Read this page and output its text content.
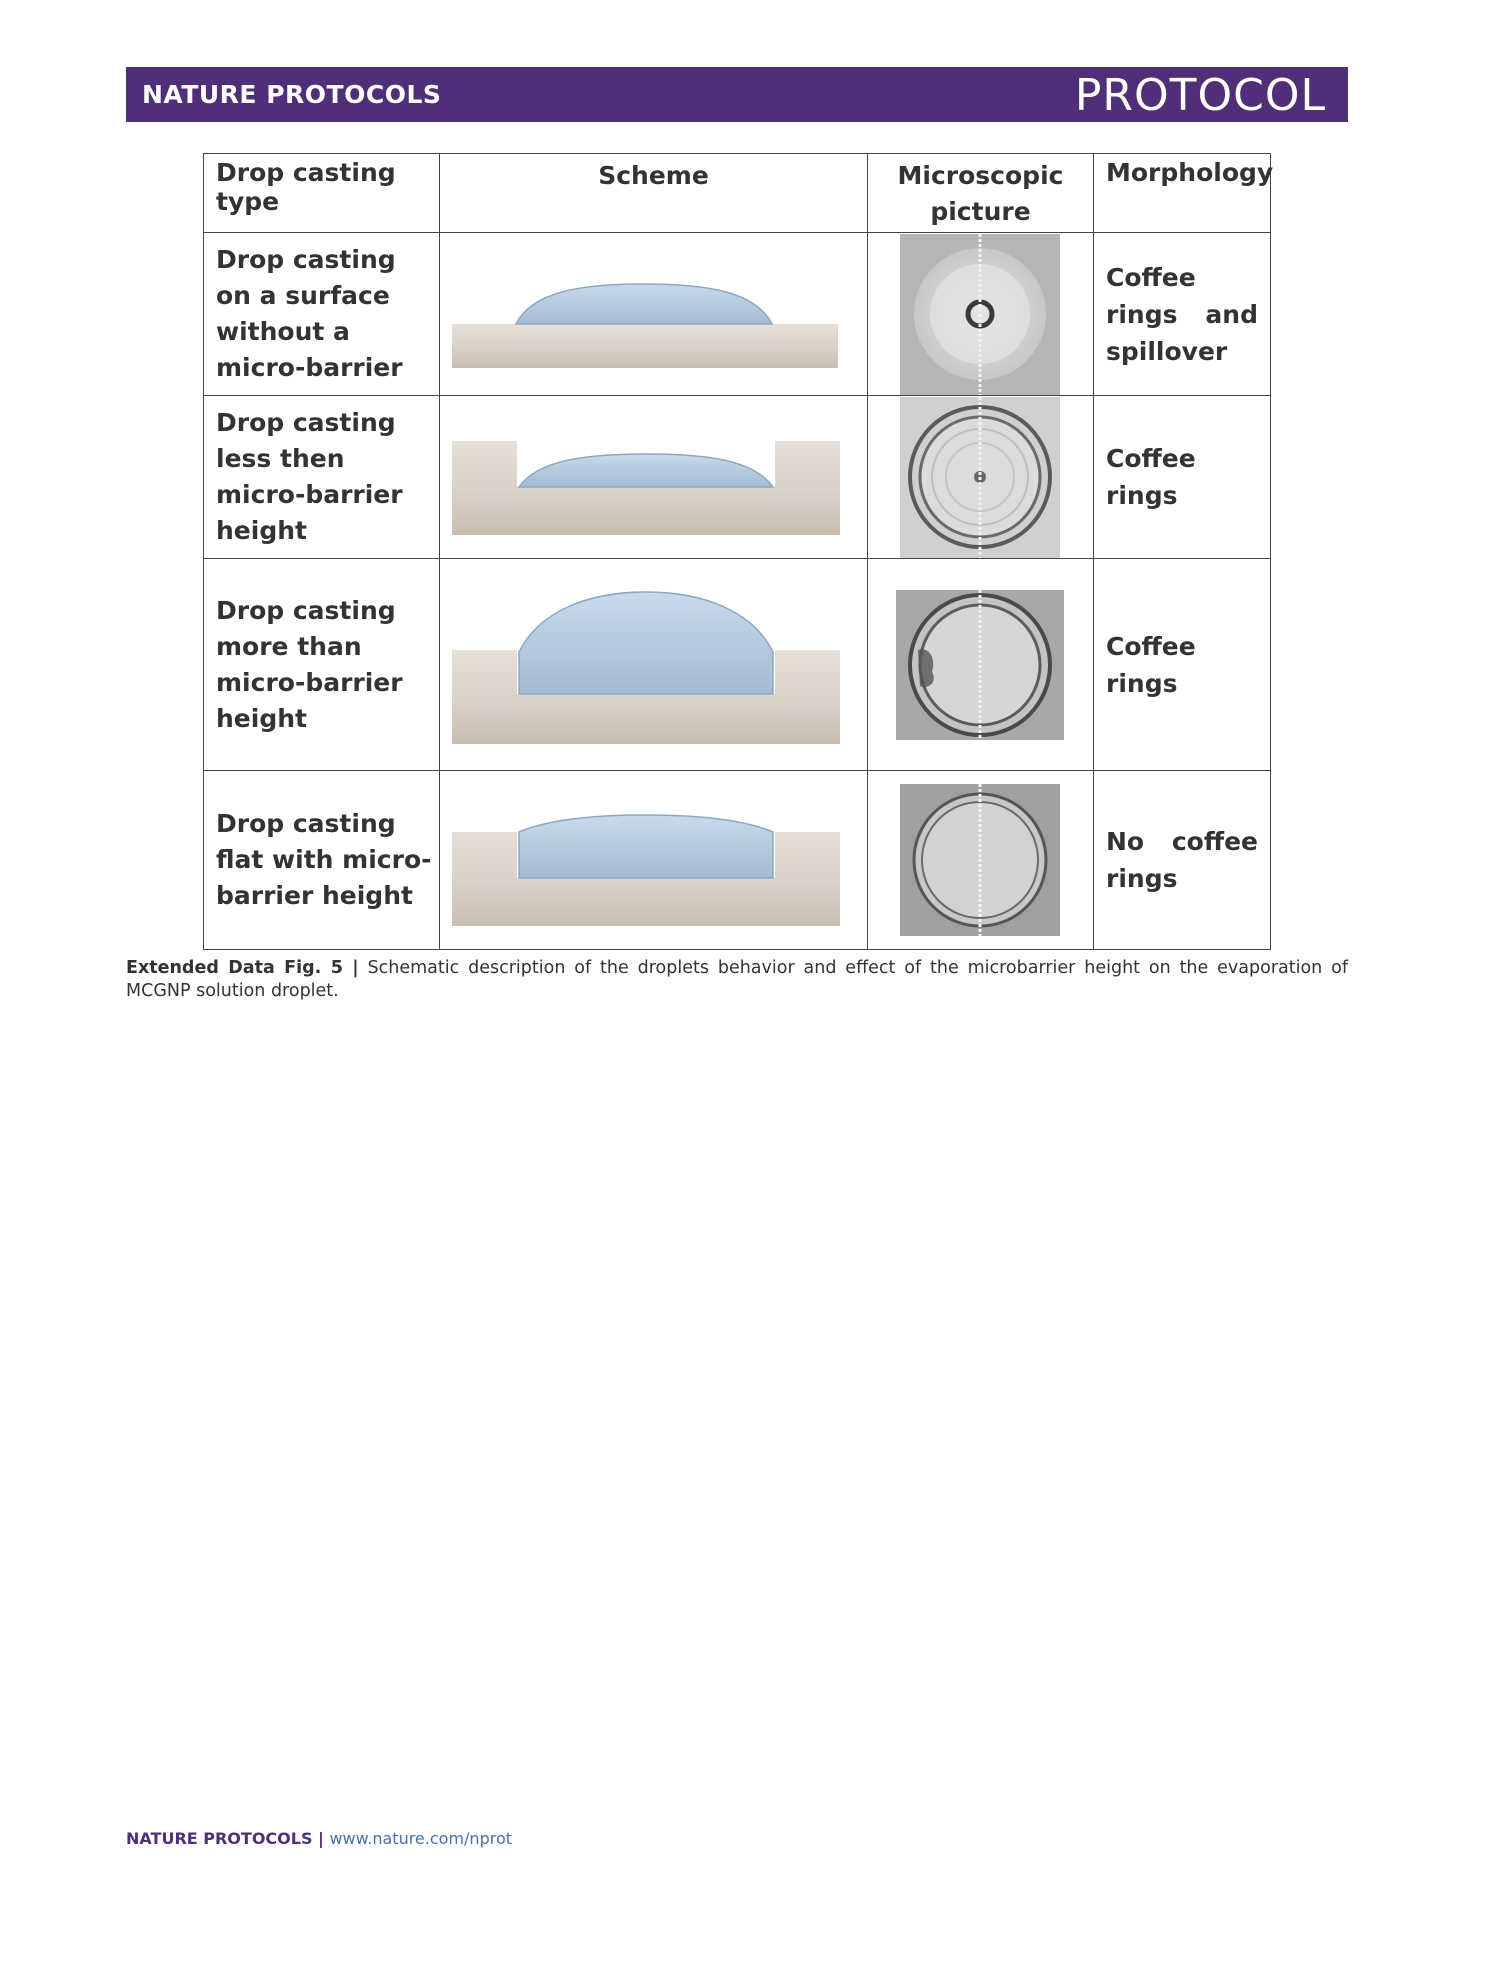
NATURE PROTOCOLS	PROTOCOL
Drop casting type	Scheme	Microscopic picture	Morphology
Drop casting on a surface without a micro-barrier			Coffee rings and spillover
Drop casting less then micro-barrier height			Coffee rings
Drop casting more than micro-barrier height			Coffee rings
Drop casting flat with micro-barrier height			No coffee rings
Extended Data Fig. 5 | Schematic description of the droplets behavior and effect of the microbarrier height on the evaporation of MCGNP solution droplet.
NATURE PROTOCOLS | www.nature.com/nprot
